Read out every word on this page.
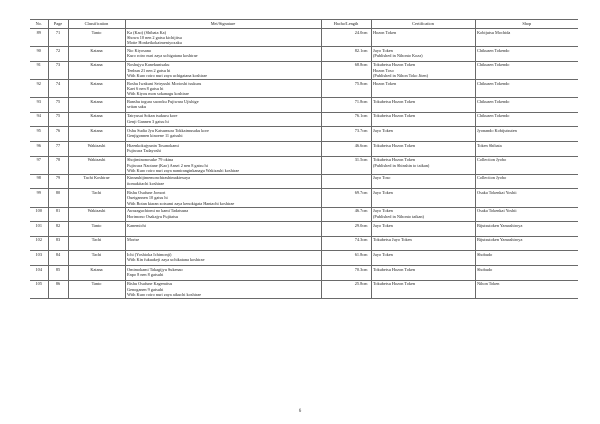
No.	Page	Classification	Mei/Signature	Hacho/Length	Certification	Shop
89	71	Tanto	Ka (Kao) (Shibata Ka)
Showa 10 nen 2 gatsu kichijitsu
Motte Honkeikokaimeniyoxaku	24.0cm	Hozon Token	Kobijutsu Mochida
90	72	Katana	Nio Kiyosana
Kuro roiro nuri zaya uchigatana koshirae	82.1cm	Juyo Token
(Published in Nihonto Koza)	Chikuzen Tokendo
91	73	Katana	Noshujyu Kanekunisaku
Tenbun 21 nen 2 gatsu hi
With Kuro roiro nuri zaya uchigatana koshirae	68.8cm	Tokubetsu Hozon Token
Hozon Toso
(Published in Nihon Toko Jiten)	Chikuzen Tokendo
92	74	Katana	Boshu Iwakuni Seiryushi Morioshi tsukuru
Kaei 6 nen 8 gatsu hi
With Kiyou mon sokanagu koshirae	75.8cm	Hozon Token	Chikuzen Tokendo
93	75	Katana	Banshu togura saoroku Fujiwara Ujishige
seitan saku	71.8cm	Tokubetsu Hozon Token	Chikuzen Tokendo
94	75	Katana	Tairyusai Sokan tsukuru kore
Genji Gannen 3 gatsu hi	76.1cm	Tokubetsu Hozon Token	Chikuzen Tokendo
95	76	Katana	Oshu Sudia Jyu Katsumura Tokkaimusaku kore
Genjigonnen kinoene 11 gatsuhi	73.7cm	Juyo Token	Jyonando Kobijutsuten
96	77	Wakizashi	Hizenkokujyunin Tosanokami
Fujiwara Tadayoshi	46.6cm	Tokubetsu Hozon Token	Token Shibata
97	78	Wakizashi	Shojiminonosuke 79 okina
Fujiwara Naotane (Kao) Ansei 2 nen 8 gatsu hi
With Kuro roiro nuri zaya namiranginkanagu Wakizashi koshirae	31.5cm	Tokubetsu Hozon Token
(Published in Shinshin to taikan)	Collection Jyobo
98	79	Tachi Koshirae	Kinnashijimemonchirashimakiexaya
itomakitachi koshirae		Juyo Toso	Collection Jyobo
99	80	Tachi	Bishu Osafune Jomori
Oueigannen 10 gatsu hi
With Botan kiaran zotsumi zaya kenokigata Hantachi koshirae	69.7cm	Juyo Token	Osaka Tokenkai Yoshii
100	81	Wakizashi	Awazaguchiomi no kami Tadatsuna
Horimono Osakajyu Fujitatsu	46.7cm	Juyo Token
(Published in Nihonto taikan)	Osaka Tokenkai Yoshii
101	82	Tanto	Kanemichi	29.0cm	Juyo Token	Bijutsutoken Yamashiroya
102	83	Tachi	Morise	74.3cm	Tokubetsu Juyo Token	Bijutsutoken Yamashiroya
103	84	Tachi	Ichi (Yoshioka Ichimonji)
With Kin fukuakeji zaya uchikatana koshirae	61.8cm	Juyo Token	Shobudo
104	85	Katana	Omimokami Takagijyu Sukenao
Enpo 8 nen 8 gatsuhi	70.3cm	Tokubetsu Hozon Token	Shobudo
105	86	Tanto	Bishu Osafune Kagemitsu
Genoganen 9 gatsuhi
With Kuro roiro nuri zaya aikuchi koshirae	25.8cm	Tokubetsu Hozon Token	Nihon Token
6
